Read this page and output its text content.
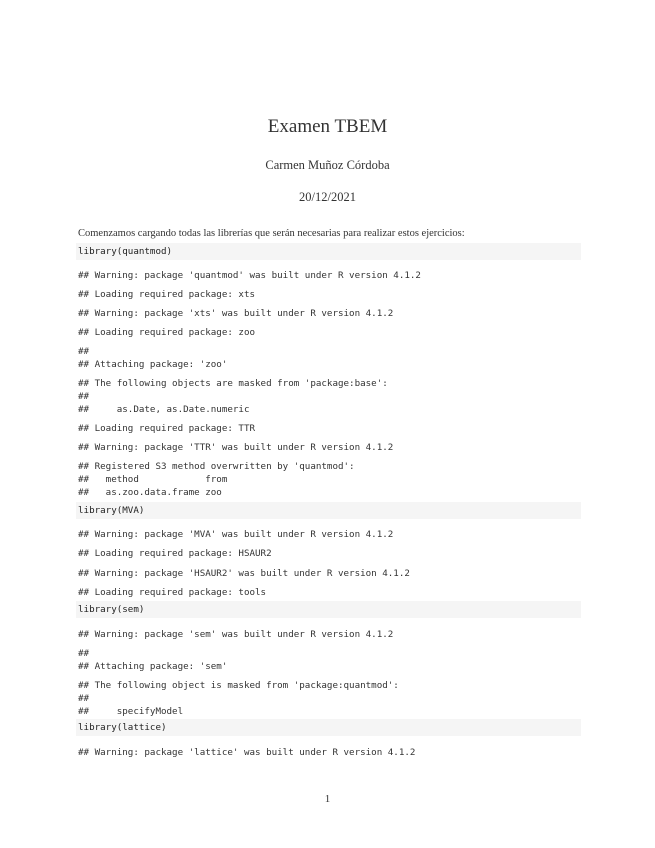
Examen TBEM
Carmen Muñoz Córdoba
20/12/2021
Comenzamos cargando todas las librerías que serán necesarias para realizar estos ejercicios:
library(quantmod)
## Warning: package 'quantmod' was built under R version 4.1.2
## Loading required package: xts
## Warning: package 'xts' was built under R version 4.1.2
## Loading required package: zoo
##
## Attaching package: 'zoo'
## The following objects are masked from 'package:base':
##
##     as.Date, as.Date.numeric
## Loading required package: TTR
## Warning: package 'TTR' was built under R version 4.1.2
## Registered S3 method overwritten by 'quantmod':
##   method            from
##   as.zoo.data.frame zoo
library(MVA)
## Warning: package 'MVA' was built under R version 4.1.2
## Loading required package: HSAUR2
## Warning: package 'HSAUR2' was built under R version 4.1.2
## Loading required package: tools
library(sem)
## Warning: package 'sem' was built under R version 4.1.2
##
## Attaching package: 'sem'
## The following object is masked from 'package:quantmod':
##
##     specifyModel
library(lattice)
## Warning: package 'lattice' was built under R version 4.1.2
1
